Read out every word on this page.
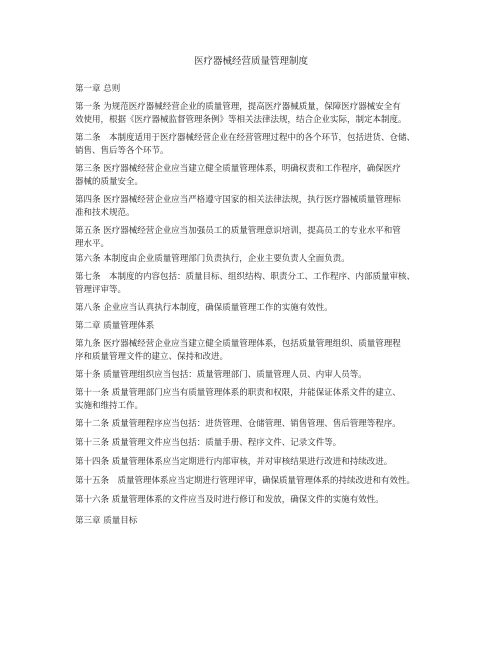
医疗器械经营质量管理制度
第一章 总则
第一条 为规范医疗器械经营企业的质量管理，提高医疗器械质量，保障医疗器械安全有
效使用，根据《医疗器械监督管理条例》等相关法律法规，结合企业实际，制定本制度。
第二条　本制度适用于医疗器械经营企业在经营管理过程中的各个环节，包括进货、仓储、
销售、售后等各个环节。
第三条 医疗器械经营企业应当建立健全质量管理体系，明确权责和工作程序，确保医疗
器械的质量安全。
第四条 医疗器械经营企业应当严格遵守国家的相关法律法规，执行医疗器械质量管理标
准和技术规范。
第五条 医疗器械经营企业应当加强员工的质量管理意识培训，提高员工的专业水平和管
理水平。
第六条 本制度由企业质量管理部门负责执行，企业主要负责人全面负责。
第七条　本制度的内容包括：质量目标、组织结构、职责分工、工作程序、内部质量审核、
管理评审等。
第八条 企业应当认真执行本制度，确保质量管理工作的实施有效性。
第二章 质量管理体系
第九条 医疗器械经营企业应当建立健全质量管理体系，包括质量管理组织、质量管理程
序和质量管理文件的建立、保持和改进。
第十条 质量管理组织应当包括：质量管理部门、质量管理人员、内审人员等。
第十一条 质量管理部门应当有质量管理体系的职责和权限，并能保证体系文件的建立、
实施和维持工作。
第十二条 质量管理程序应当包括：进货管理、仓储管理、销售管理、售后管理等程序。
第十三条 质量管理文件应当包括：质量手册、程序文件、记录文件等。
第十四条 质量管理体系应当定期进行内部审核，并对审核结果进行改进和持续改进。
第十五条　质量管理体系应当定期进行管理评审，确保质量管理体系的持续改进和有效性。
第十六条 质量管理体系的文件应当及时进行修订和发放，确保文件的实施有效性。
第三章 质量目标
